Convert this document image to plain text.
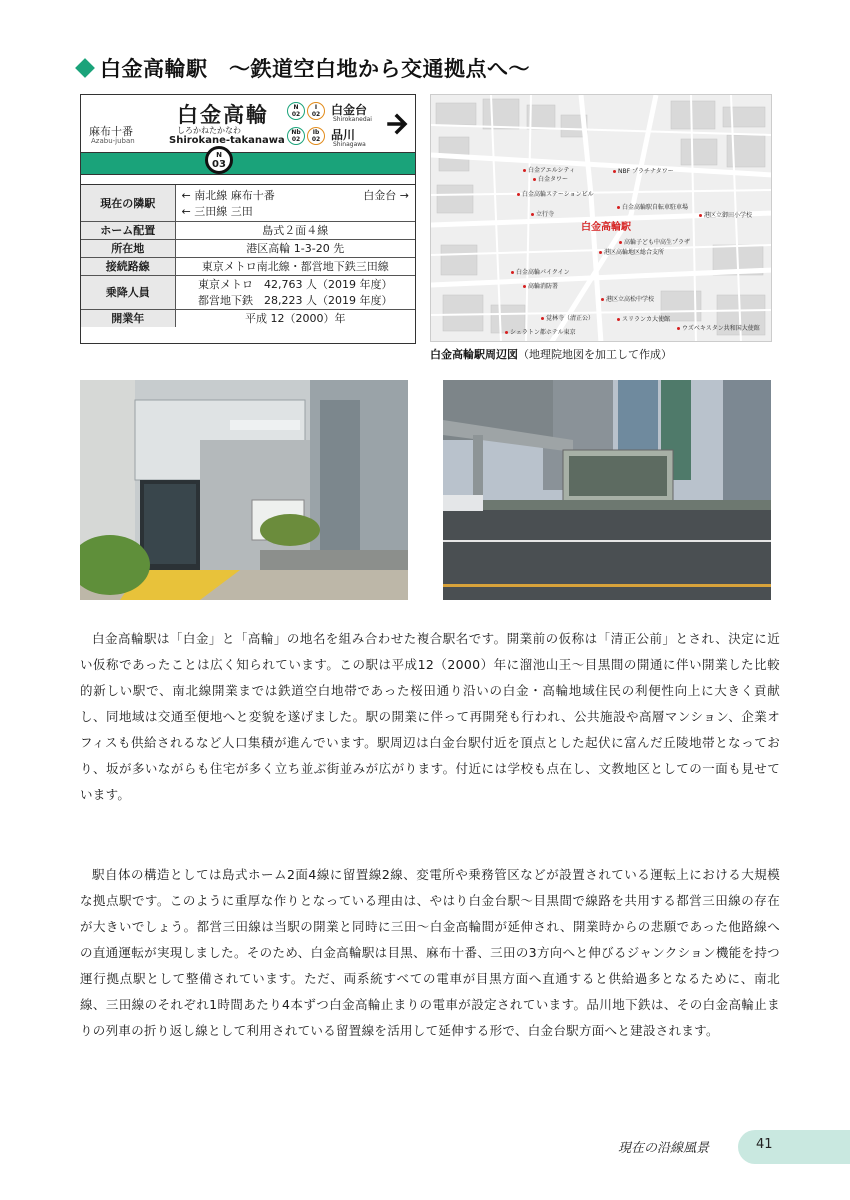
白金高輪駅　～鉄道空白地から交通拠点へ～
麻布十番
Azabu-juban
白金高輪
しろかねたかなわ
Shirokane-takanawa
N
02
I
02 白金台
Shirokanedai
Nb
02
Ib
02 品川
Shinagawa
N
03
現在の隣駅	← 南北線 麻布十番 白金台 →
← 三田線 三田

ホーム配置	島式２面４線
所在地	港区高輪 1-3-20 先
接続路線	東京メトロ南北線・都営地下鉄三田線
乗降人員	東京メトロ　42,763 人（2019 年度）
都営地下鉄　28,223 人（2019 年度）

開業年	平成 12（2000）年
白金アエルシティ
白金タワー
NBF プラチナタワー
白金高輪ステーションビル
立行寺
白金高輪駅自転車駐車場
港区立御田小学校
白金高輪駅
高輪子ども中高生プラザ
港区高輪地区総合支所
白金高輪パイクイン
高輪消防署
港区立高松中学校
覚林寺（清正公）	スリランカ大使館
ウズベキスタン共和国大使館
シェラトン都ホテル東京
白金高輪駅周辺図（地理院地図を加工して作成）

白金高輪駅は「白金」と「高輪」の地名を組み合わせた複合駅名です。開業前の仮称は「清正公前」とされ、決定に近い仮称であったことは広く知られています。この駅は平成12（2000）年に溜池山王～目黒間の開通に伴い開業した比較的新しい駅で、南北線開業までは鉄道空白地帯であった桜田通り沿いの白金・高輪地域住民の利便性向上に大きく貢献し、同地域は交通至便地へと変貌を遂げました。駅の開業に伴って再開発も行われ、公共施設や高層マンション、企業オフィスも供給されるなど人口集積が進んでいます。駅周辺は白金台駅付近を頂点とした起伏に富んだ丘陵地帯となっており、坂が多いながらも住宅が多く立ち並ぶ街並みが広がります。付近には学校も点在し、文教地区としての一面も見せています。

駅自体の構造としては島式ホーム2面4線に留置線2線、変電所や乗務管区などが設置されている運転上における大規模な拠点駅です。このように重厚な作りとなっている理由は、やはり白金台駅～目黒間で線路を共用する都営三田線の存在が大きいでしょう。都営三田線は当駅の開業と同時に三田～白金高輪間が延伸され、開業時からの悲願であった他路線への直通運転が実現しました。そのため、白金高輪駅は目黒、麻布十番、三田の3方向へと伸びるジャンクション機能を持つ運行拠点駅として整備されています。ただ、両系統すべての電車が目黒方面へ直通すると供給過多となるために、南北線、三田線のそれぞれ1時間あたり4本ずつ白金高輪止まりの電車が設定されています。品川地下鉄は、その白金高輪止まりの列車の折り返し線として利用されている留置線を活用して延伸する形で、白金台駅方面へと建設されます。

現在の沿線風景	41
